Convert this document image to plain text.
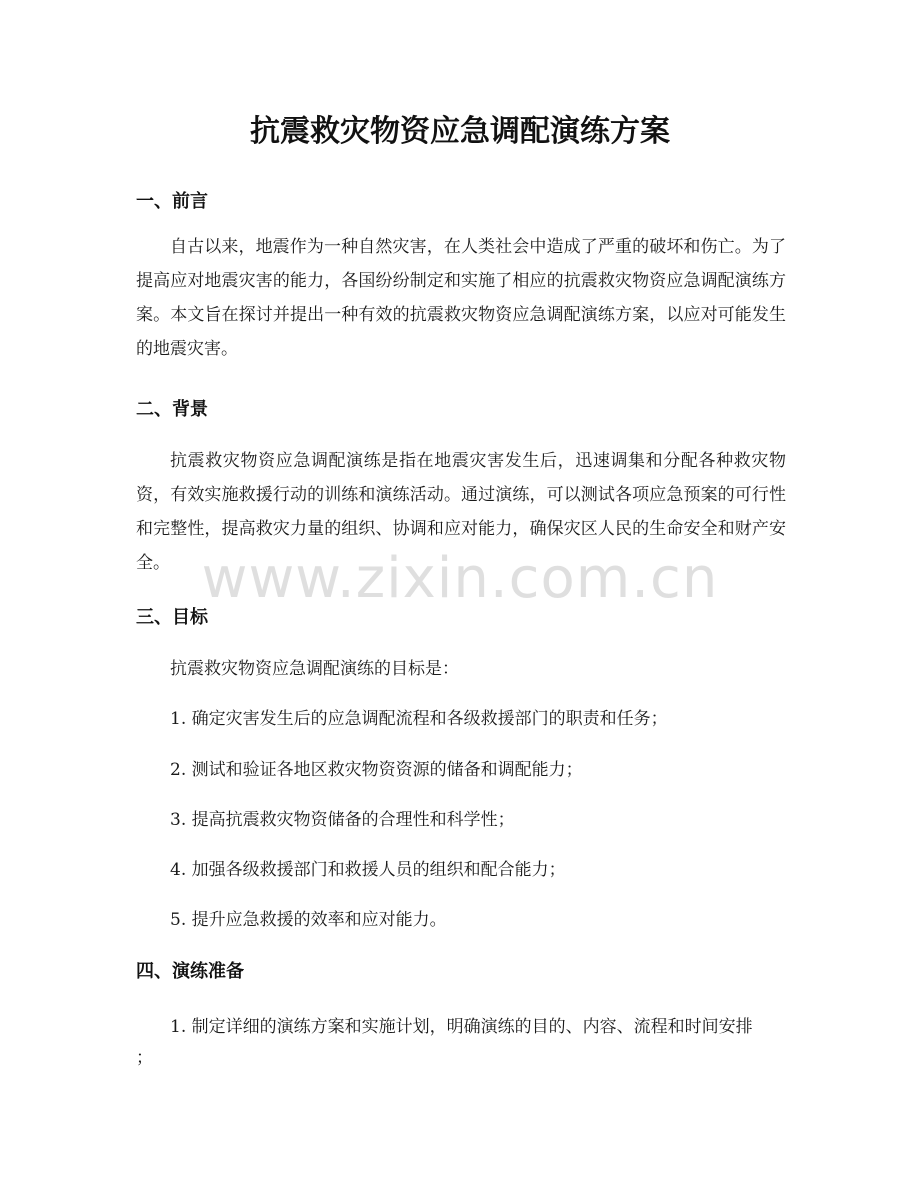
抗震救灾物资应急调配演练方案
一、前言

自古以来，地震作为一种自然灾害，在人类社会中造成了严重的破坏和伤亡。为了提高应对地震灾害的能力，各国纷纷制定和实施了相应的抗震救灾物资应急调配演练方案。本文旨在探讨并提出一种有效的抗震救灾物资应急调配演练方案，以应对可能发生的地震灾害。

二、背景

抗震救灾物资应急调配演练是指在地震灾害发生后，迅速调集和分配各种救灾物资，有效实施救援行动的训练和演练活动。通过演练，可以测试各项应急预案的可行性和完整性，提高救灾力量的组织、协调和应对能力，确保灾区人民的生命安全和财产安全。

三、目标

抗震救灾物资应急调配演练的目标是：

1. 确定灾害发生后的应急调配流程和各级救援部门的职责和任务；

2. 测试和验证各地区救灾物资资源的储备和调配能力；

3. 提高抗震救灾物资储备的合理性和科学性；

4. 加强各级救援部门和救援人员的组织和配合能力；

5. 提升应急救援的效率和应对能力。

四、演练准备

1. 制定详细的演练方案和实施计划，明确演练的目的、内容、流程和时间安排

；

www.zixin.com.cn
